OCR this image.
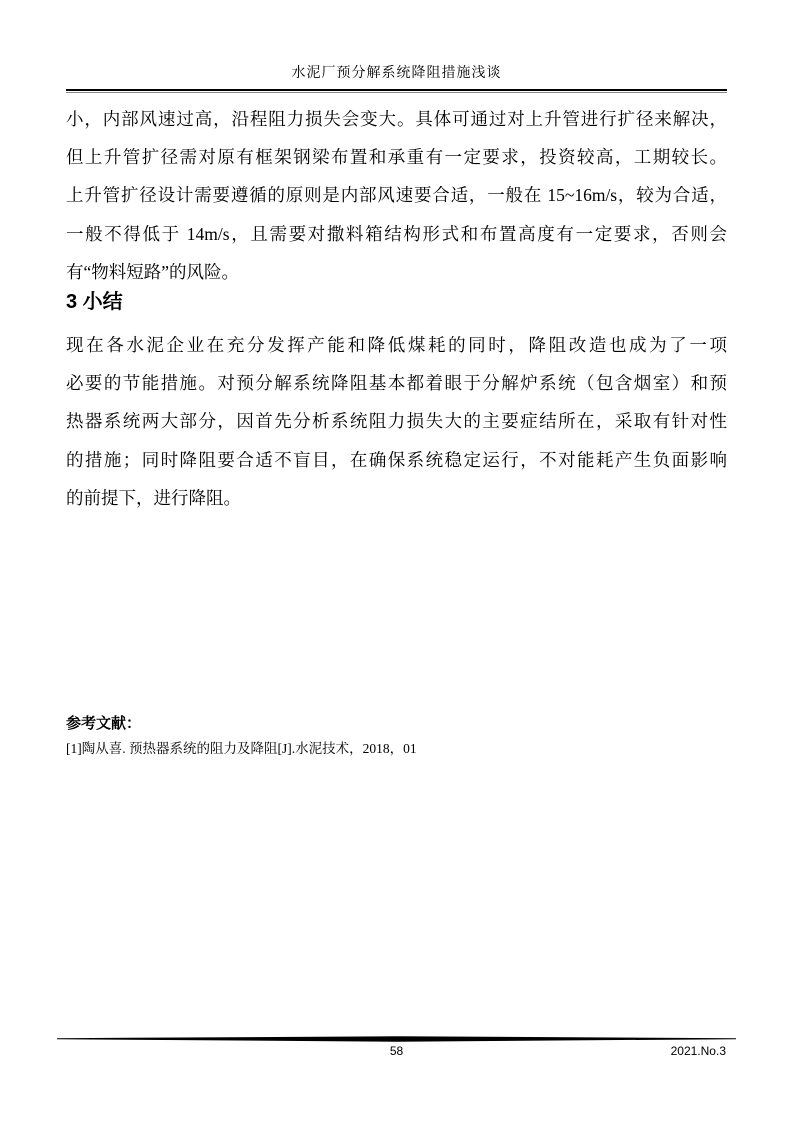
水泥厂预分解系统降阻措施浅谈
小，内部风速过高，沿程阻力损失会变大。具体可通过对上升管进行扩径来解决，
但上升管扩径需对原有框架钢梁布置和承重有一定要求，投资较高，工期较长。
上升管扩径设计需要遵循的原则是内部风速要合适，一般在 15~16m/s，较为合适，
一般不得低于 14m/s，且需要对撒料箱结构形式和布置高度有一定要求，否则会
有“物料短路”的风险。
3 小结
现在各水泥企业在充分发挥产能和降低煤耗的同时，降阻改造也成为了一项
必要的节能措施。对预分解系统降阻基本都着眼于分解炉系统（包含烟室）和预
热器系统两大部分，因首先分析系统阻力损失大的主要症结所在，采取有针对性
的措施；同时降阻要合适不盲目，在确保系统稳定运行，不对能耗产生负面影响
的前提下，进行降阻。
参考文献：
[1]陶从喜. 预热器系统的阻力及降阻[J].水泥技术，2018，01
58	2021.No.3
